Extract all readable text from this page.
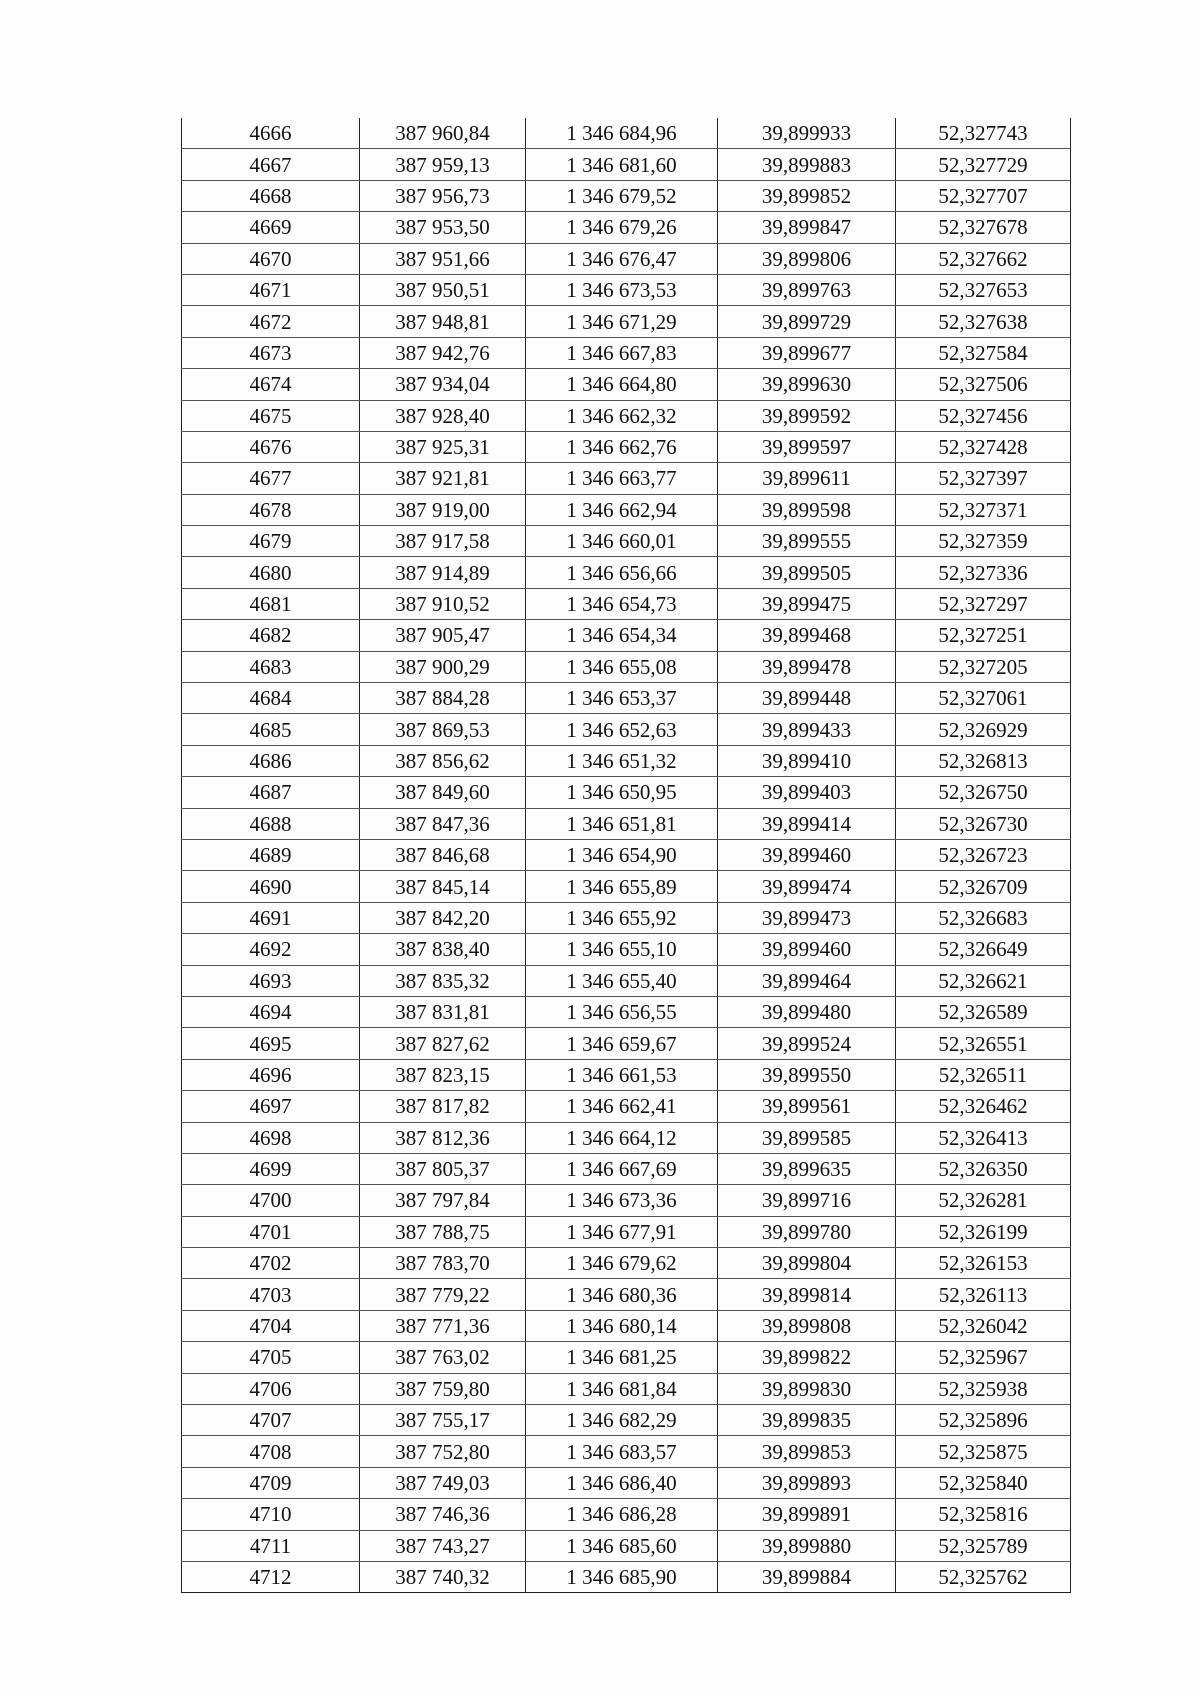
4666	387 960,84	1 346 684,96	39,899933	52,327743
4667	387 959,13	1 346 681,60	39,899883	52,327729
4668	387 956,73	1 346 679,52	39,899852	52,327707
4669	387 953,50	1 346 679,26	39,899847	52,327678
4670	387 951,66	1 346 676,47	39,899806	52,327662
4671	387 950,51	1 346 673,53	39,899763	52,327653
4672	387 948,81	1 346 671,29	39,899729	52,327638
4673	387 942,76	1 346 667,83	39,899677	52,327584
4674	387 934,04	1 346 664,80	39,899630	52,327506
4675	387 928,40	1 346 662,32	39,899592	52,327456
4676	387 925,31	1 346 662,76	39,899597	52,327428
4677	387 921,81	1 346 663,77	39,899611	52,327397
4678	387 919,00	1 346 662,94	39,899598	52,327371
4679	387 917,58	1 346 660,01	39,899555	52,327359
4680	387 914,89	1 346 656,66	39,899505	52,327336
4681	387 910,52	1 346 654,73	39,899475	52,327297
4682	387 905,47	1 346 654,34	39,899468	52,327251
4683	387 900,29	1 346 655,08	39,899478	52,327205
4684	387 884,28	1 346 653,37	39,899448	52,327061
4685	387 869,53	1 346 652,63	39,899433	52,326929
4686	387 856,62	1 346 651,32	39,899410	52,326813
4687	387 849,60	1 346 650,95	39,899403	52,326750
4688	387 847,36	1 346 651,81	39,899414	52,326730
4689	387 846,68	1 346 654,90	39,899460	52,326723
4690	387 845,14	1 346 655,89	39,899474	52,326709
4691	387 842,20	1 346 655,92	39,899473	52,326683
4692	387 838,40	1 346 655,10	39,899460	52,326649
4693	387 835,32	1 346 655,40	39,899464	52,326621
4694	387 831,81	1 346 656,55	39,899480	52,326589
4695	387 827,62	1 346 659,67	39,899524	52,326551
4696	387 823,15	1 346 661,53	39,899550	52,326511
4697	387 817,82	1 346 662,41	39,899561	52,326462
4698	387 812,36	1 346 664,12	39,899585	52,326413
4699	387 805,37	1 346 667,69	39,899635	52,326350
4700	387 797,84	1 346 673,36	39,899716	52,326281
4701	387 788,75	1 346 677,91	39,899780	52,326199
4702	387 783,70	1 346 679,62	39,899804	52,326153
4703	387 779,22	1 346 680,36	39,899814	52,326113
4704	387 771,36	1 346 680,14	39,899808	52,326042
4705	387 763,02	1 346 681,25	39,899822	52,325967
4706	387 759,80	1 346 681,84	39,899830	52,325938
4707	387 755,17	1 346 682,29	39,899835	52,325896
4708	387 752,80	1 346 683,57	39,899853	52,325875
4709	387 749,03	1 346 686,40	39,899893	52,325840
4710	387 746,36	1 346 686,28	39,899891	52,325816
4711	387 743,27	1 346 685,60	39,899880	52,325789
4712	387 740,32	1 346 685,90	39,899884	52,325762
